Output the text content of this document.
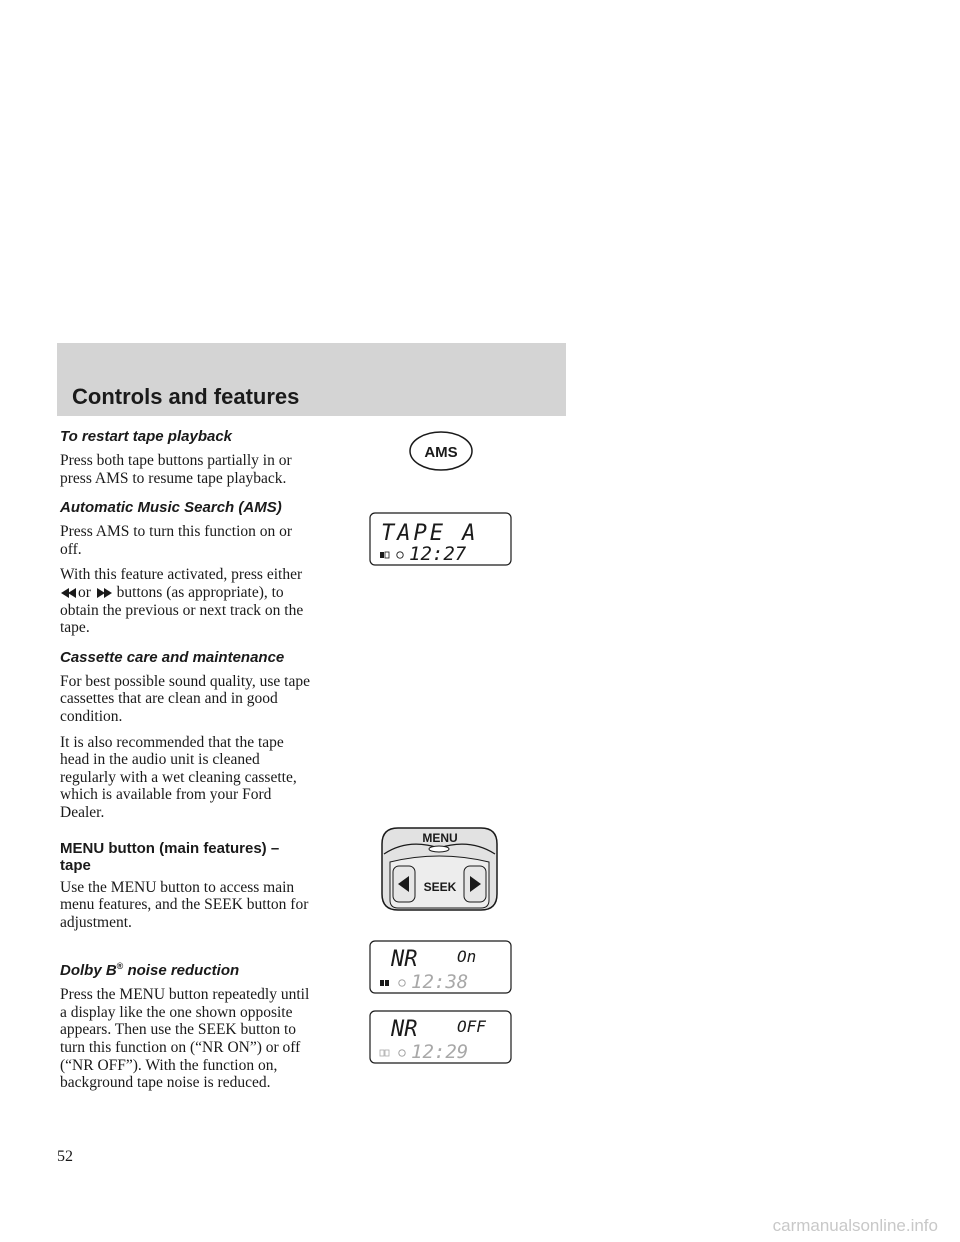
Controls and features
To restart tape playback

Press both tape buttons partially in or press AMS to resume tape playback.

Automatic Music Search (AMS)

Press AMS to turn this function on or off.

With this feature activated, press either or buttons (as appropriate), to obtain the previous or next track on the tape.

Cassette care and maintenance

For best possible sound quality, use tape cassettes that are clean and in good condition.

It is also recommended that the tape head in the audio unit is cleaned regularly with a wet cleaning cassette, which is available from your Ford Dealer.

MENU button (main features) – tape

Use the MENU button to access main menu features, and the SEEK button for adjustment.

Dolby B® noise reduction

Press the MENU button repeatedly until a display like the one shown opposite appears. Then use the SEEK button to turn this function on (“NR ON”) or off (“NR OFF”). With the function on, background tape noise is reduced.

AMS
TAPE A
12:27
MENU
SEEK
NR On
12:38
NR OFF
12:29
52
carmanualsonline.info
